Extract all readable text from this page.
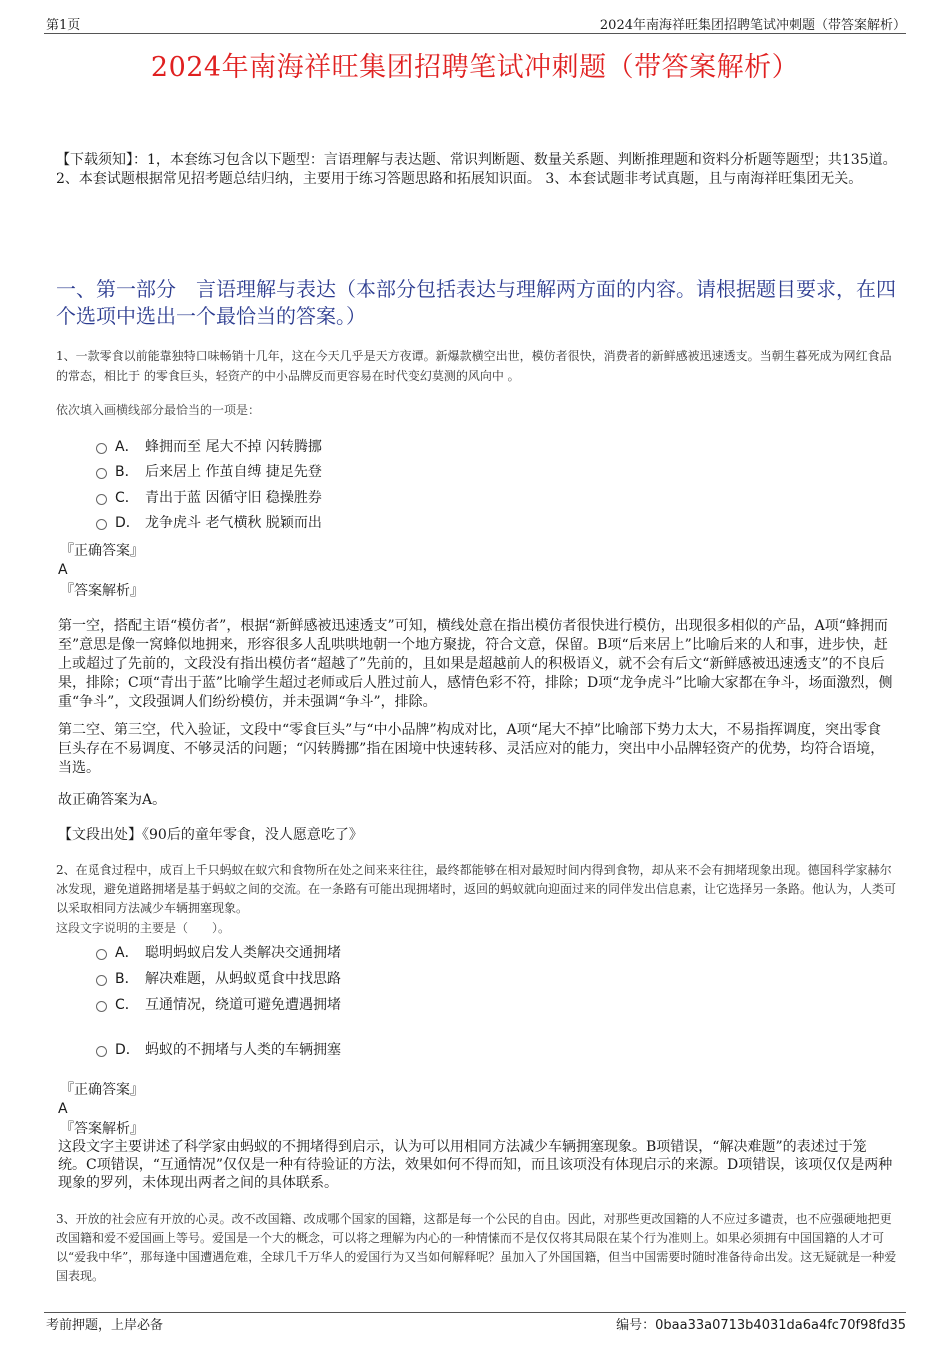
第1页	2024年南海祥旺集团招聘笔试冲刺题（带答案解析）
2024年南海祥旺集团招聘笔试冲刺题（带答案解析）
【下载须知】：1，本套练习包含以下题型：言语理解与表达题、常识判断题、数量关系题、判断推理题和资料分析题等题型；共135道。 2、本套试题根据常见招考题总结归纳，主要用于练习答题思路和拓展知识面。 3、本套试题非考试真题，且与南海祥旺集团无关。
一、第一部分　言语理解与表达（本部分包括表达与理解两方面的内容。请根据题目要求，在四个选项中选出一个最恰当的答案。）
1、一款零食以前能靠独特口味畅销十几年，这在今天几乎是天方夜谭。新爆款横空出世，模仿者很快，消费者的新鲜感被迅速透支。当朝生暮死成为网红食品的常态，相比于 的零食巨头，轻资产的中小品牌反而更容易在时代变幻莫测的风向中 。
依次填入画横线部分最恰当的一项是：
A． 蜂拥而至 尾大不掉 闪转腾挪
B． 后来居上 作茧自缚 捷足先登
C． 青出于蓝 因循守旧 稳操胜券
D． 龙争虎斗 老气横秋 脱颖而出
『正确答案』
A
『答案解析』
第一空，搭配主语“模仿者”，根据“新鲜感被迅速透支”可知，横线处意在指出模仿者很快进行模仿，出现很多相似的产品，A项“蜂拥而至”意思是像一窝蜂似地拥来，形容很多人乱哄哄地朝一个地方聚拢，符合文意，保留。B项“后来居上”比喻后来的人和事，进步快，赶上或超过了先前的，文段没有指出模仿者“超越了”先前的，且如果是超越前人的积极语义，就不会有后文“新鲜感被迅速透支”的不良后果，排除；C项“青出于蓝”比喻学生超过老师或后人胜过前人，感情色彩不符，排除；D项“龙争虎斗”比喻大家都在争斗，场面激烈，侧重“争斗”，文段强调人们纷纷模仿，并未强调“争斗”，排除。
第二空、第三空，代入验证，文段中“零食巨头”与“中小品牌”构成对比，A项“尾大不掉”比喻部下势力太大，不易指挥调度，突出零食巨头存在不易调度、不够灵活的问题；“闪转腾挪”指在困境中快速转移、灵活应对的能力，突出中小品牌轻资产的优势，均符合语境，当选。
故正确答案为A。
【文段出处】《90后的童年零食，没人愿意吃了》
2、在觅食过程中，成百上千只蚂蚁在蚁穴和食物所在处之间来来往往，最终都能够在相对最短时间内得到食物，却从来不会有拥堵现象出现。德国科学家赫尔冰发现，避免道路拥堵是基于蚂蚁之间的交流。在一条路有可能出现拥堵时，返回的蚂蚁就向迎面过来的同伴发出信息素，让它选择另一条路。他认为，人类可以采取相同方法减少车辆拥塞现象。
这段文字说明的主要是（　　）。
A． 聪明蚂蚁启发人类解决交通拥堵
B． 解决难题，从蚂蚁觅食中找思路
C． 互通情况，绕道可避免遭遇拥堵
D． 蚂蚁的不拥堵与人类的车辆拥塞
『正确答案』
A
『答案解析』
这段文字主要讲述了科学家由蚂蚁的不拥堵得到启示，认为可以用相同方法减少车辆拥塞现象。B项错误，“解决难题”的表述过于笼统。C项错误，“互通情况”仅仅是一种有待验证的方法，效果如何不得而知，而且该项没有体现启示的来源。D项错误，该项仅仅是两种现象的罗列，未体现出两者之间的具体联系。
3、开放的社会应有开放的心灵。改不改国籍、改成哪个国家的国籍，这都是每一个公民的自由。因此，对那些更改国籍的人不应过多谴责，也不应强硬地把更改国籍和爱不爱国画上等号。爱国是一个大的概念，可以将之理解为内心的一种情愫而不是仅仅将其局限在某个行为准则上。如果必须拥有中国国籍的人才可以“爱我中华”，那每逢中国遭遇危难，全球几千万华人的爱国行为又当如何解释呢？虽加入了外国国籍，但当中国需要时随时准备待命出发。这无疑就是一种爱国表现。
考前押题，上岸必备	编号：0baa33a0713b4031da6a4fc70f98fd35
